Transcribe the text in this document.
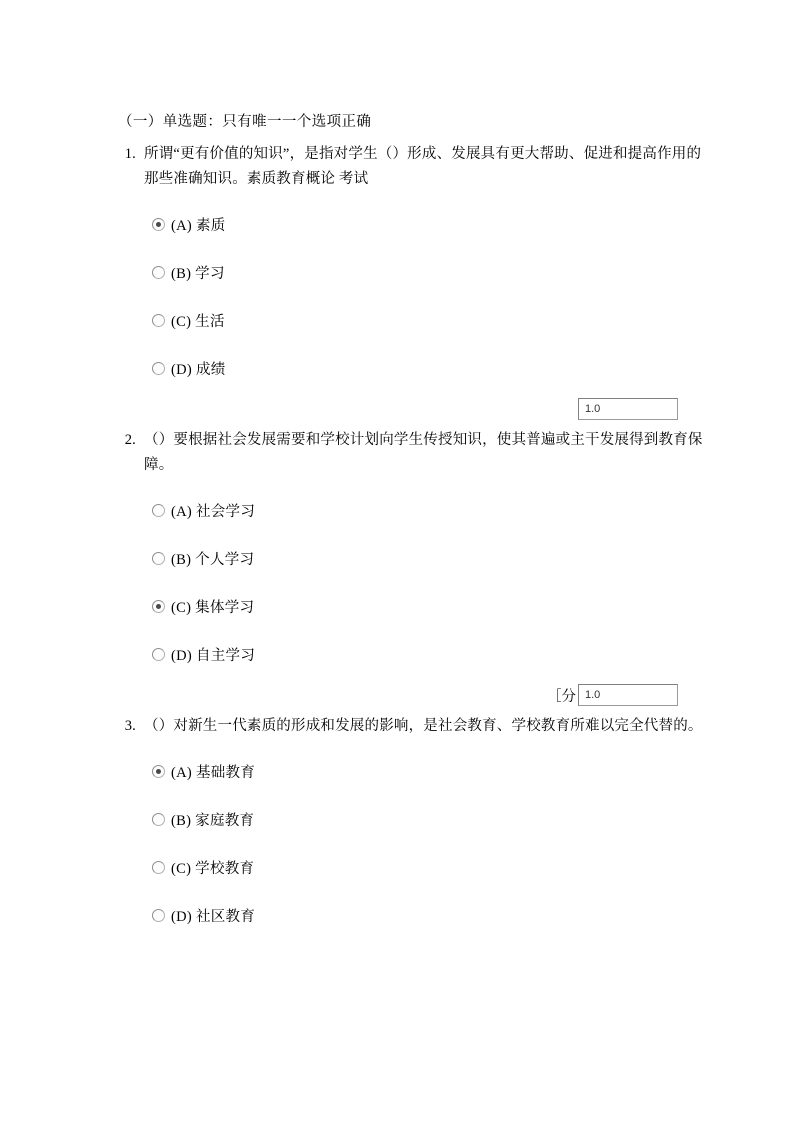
（一）单选题：只有唯一一个选项正确
1. 所谓“更有价值的知识”，是指对学生（）形成、发展具有更大帮助、促进和提高作用的那些准确知识。素质教育概论 考试
(A) 素质
(B) 学习
(C) 生活
(D) 成绩
1.0
2. （）要根据社会发展需要和学校计划向学生传授知识，使其普遍或主干发展得到教育保障。
(A) 社会学习
(B) 个人学习
(C) 集体学习
(D) 自主学习
［分 1.0
3. （）对新生一代素质的形成和发展的影响，是社会教育、学校教育所难以完全代替的。
(A) 基础教育
(B) 家庭教育
(C) 学校教育
(D) 社区教育
